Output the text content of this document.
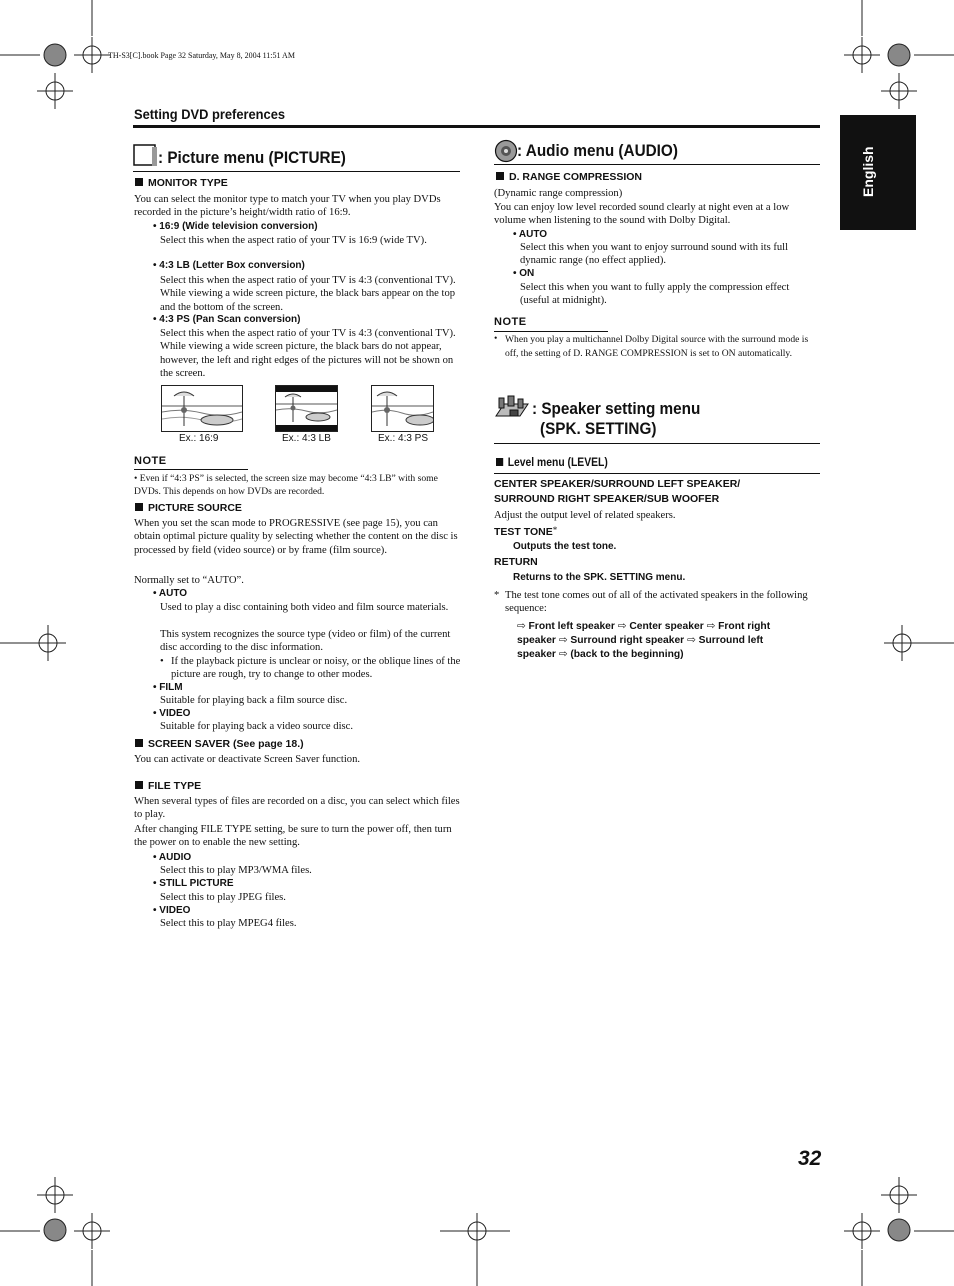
TH-S3[C].book Page 32 Saturday, May 8, 2004 11:51 AM
Setting DVD preferences
English
: Picture menu (PICTURE)
MONITOR TYPE
You can select the monitor type to match your TV when you play DVDs recorded in the picture’s height/width ratio of 16:9.
• 16:9 (Wide television conversion)
Select this when the aspect ratio of your TV is 16:9 (wide TV).
• 4:3 LB (Letter Box conversion)
Select this when the aspect ratio of your TV is 4:3 (conventional TV). While viewing a wide screen picture, the black bars appear on the top and the bottom of the screen.
• 4:3 PS (Pan Scan conversion)
Select this when the aspect ratio of your TV is 4:3 (conventional TV). While viewing a wide screen picture, the black bars do not appear, however, the left and right edges of the pictures will not be shown on the screen.
Ex.: 16:9	Ex.: 4:3 LB	Ex.: 4:3 PS
NOTE
• Even if “4:3 PS” is selected, the screen size may become “4:3 LB” with some DVDs. This depends on how DVDs are recorded.
PICTURE SOURCE
When you set the scan mode to PROGRESSIVE (see page 15), you can obtain optimal picture quality by selecting whether the content on the disc is processed by field (video source) or by frame (film source).
Normally set to “AUTO”.
• AUTO
Used to play a disc containing both video and film source materials.
This system recognizes the source type (video or film) of the current disc according to the disc information.
• If the playback picture is unclear or noisy, or the oblique lines of the picture are rough, try to change to other modes.
• FILM
Suitable for playing back a film source disc.
• VIDEO
Suitable for playing back a video source disc.
SCREEN SAVER (See page 18.)
You can activate or deactivate Screen Saver function.
FILE TYPE
When several types of files are recorded on a disc, you can select which files to play.
After changing FILE TYPE setting, be sure to turn the power off, then turn the power on to enable the new setting.
• AUDIO
Select this to play MP3/WMA files.
• STILL PICTURE
Select this to play JPEG files.
• VIDEO
Select this to play MPEG4 files.
: Audio menu (AUDIO)
D. RANGE COMPRESSION
(Dynamic range compression)
You can enjoy low level recorded sound clearly at night even at a low volume when listening to the sound with Dolby Digital.
• AUTO
Select this when you want to enjoy surround sound with its full dynamic range (no effect applied).
• ON
Select this when you want to fully apply the compression effect (useful at midnight).
NOTE
• When you play a multichannel Dolby Digital source with the surround mode is off, the setting of D. RANGE COMPRESSION is set to ON automatically.
: Speaker setting menu
(SPK. SETTING)
Level menu (LEVEL)
CENTER SPEAKER/SURROUND LEFT SPEAKER/
SURROUND RIGHT SPEAKER/SUB WOOFER
Adjust the output level of related speakers.
TEST TONE*
Outputs the test tone.
RETURN
Returns to the SPK. SETTING menu.
* The test tone comes out of all of the activated speakers in the following sequence:
⇨ Front left speaker ⇨ Center speaker ⇨ Front right
speaker ⇨ Surround right speaker ⇨ Surround left
speaker ⇨ (back to the beginning)
32
